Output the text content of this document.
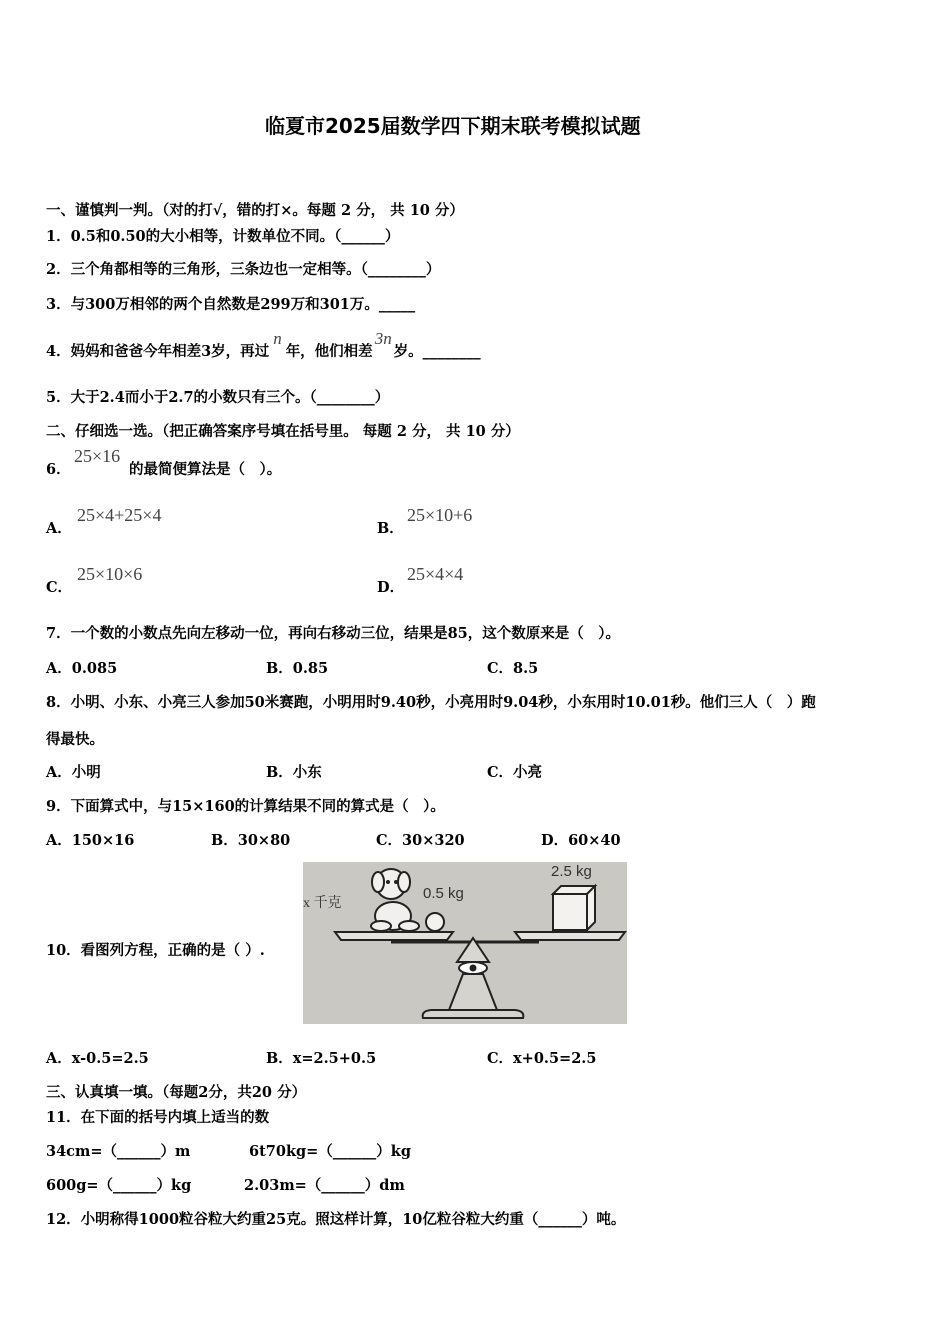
临夏市2025届数学四下期末联考模拟试题
一、谨慎判一判。（对的打√，错的打×。每题 2 分， 共 10 分）
1．0.5和0.50的大小相等，计数单位不同。（______）
2．三个角都相等的三角形，三条边也一定相等。（________）
3．与300万相邻的两个自然数是299万和301万。_____
4．妈妈和爸爸今年相差3岁，再过n年，他们相差3n岁。________
5．大于2.4而小于2.7的小数只有三个。（________）
二、仔细选一选。（把正确答案序号填在括号里。 每题 2 分， 共 10 分）
6．
25×16
的最简便算法是（　）。
A．
25×4+25×4
B．
25×10+6
C．
25×10×6
D．
25×4×4
7．一个数的小数点先向左移动一位，再向右移动三位，结果是85，这个数原来是（　）。
A．0.085	B．0.85	C．8.5
8．小明、小东、小亮三人参加50米赛跑，小明用时9.40秒，小亮用时9.04秒，小东用时10.01秒。他们三人（　）跑
得最快。
A．小明	B．小东	C．小亮
9．下面算式中，与15×160的计算结果不同的算式是（　）。
A．150×16	B．30×80	C．30×320	D．60×40
10．看图列方程，正确的是（ ）.
x 千克
0.5 kg
2.5 kg
A．x-0.5=2.5	B．x=2.5+0.5	C．x+0.5=2.5
三、认真填一填。（每题2分，共20 分）
11．在下面的括号内填上适当的数
34cm=（______）m	6t70kg=（______）kg
600g=（______）kg	2.03m=（______）dm
12．小明称得1000粒谷粒大约重25克。照这样计算，10亿粒谷粒大约重（______）吨。
